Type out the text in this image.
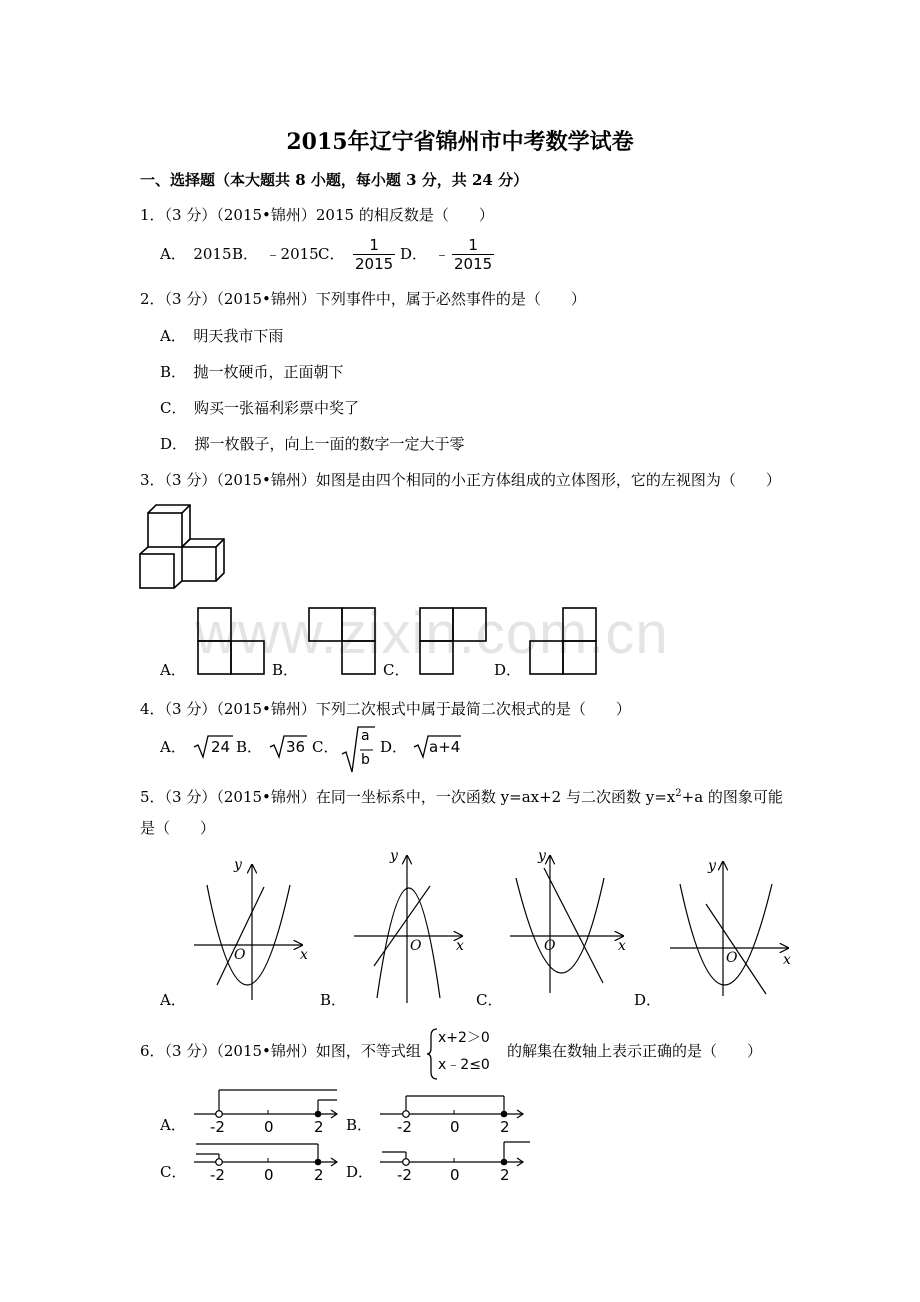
www.zixin.com.cn
2015年辽宁省锦州市中考数学试卷
一、选择题（本大题共 8 小题，每小题 3 分，共 24 分）
1．（3 分）（2015•锦州）2015 的相反数是（　　）
A．　2015 B．　﹣2015 C． $\frac{1}{2015}$ D．　﹣ $\frac{1}{2015}$
2．（3 分）（2015•锦州）下列事件中，属于必然事件的是（　　）
A．　明天我市下雨
B．　抛一枚硬币，正面朝下
C．　购买一张福利彩票中奖了
D．　掷一枚骰子，向上一面的数字一定大于零
3．（3 分）（2015•锦州）如图是由四个相同的小正方体组成的立体图形，它的左视图为（　　）
A．	B．	C．	D．
4．（3 分）（2015•锦州）下列二次根式中属于最简二次根式的是（　　）
A． 24 B． 36 C．
a
b
D． a+4
5．（3 分）（2015•锦州）在同一坐标系中，一次函数 y=ax+2 与二次函数 $y=x^2+a$ 的图象可能
是（　　）
A．
O	x
y
B．
O x
y
C．
O	x
y
D．
O	x
y
6．（3 分）（2015•锦州）如图，不等式组
x+2＞0
x﹣2≤0
的解集在数轴上表示正确的是（　　）
A． -2	0	2 B． -2	0	2
C． -2	0	2 D． -2	0	2
